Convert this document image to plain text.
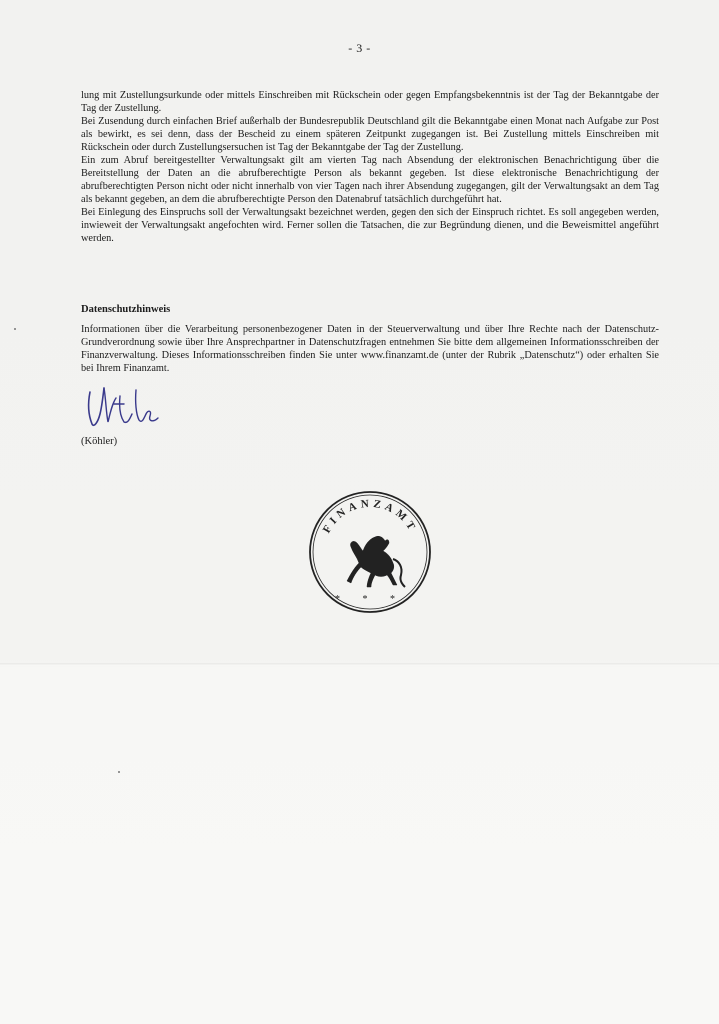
- 3 -

lung mit Zustellungsurkunde oder mittels Einschreiben mit Rückschein oder gegen Empfangsbekenntnis ist der Tag der Bekanntgabe der Tag der Zustellung.

Bei Zusendung durch einfachen Brief außerhalb der Bundesrepublik Deutschland gilt die Bekanntgabe einen Monat nach Aufgabe zur Post als bewirkt, es sei denn, dass der Bescheid zu einem späteren Zeitpunkt zugegangen ist. Bei Zustellung mittels Einschreiben mit Rückschein oder durch Zustellungsersuchen ist Tag der Bekanntgabe der Tag der Zustellung.

Ein zum Abruf bereitgestellter Verwaltungsakt gilt am vierten Tag nach Absendung der elektronischen Benachrichtigung über die Bereitstellung der Daten an die abrufberechtigte Person als bekannt gegeben. Ist diese elektronische Benachrichtigung der abrufberechtigten Person nicht oder nicht innerhalb von vier Tagen nach ihrer Absendung zugegangen, gilt der Verwaltungsakt an dem Tag als bekannt gegeben, an dem die abrufberechtigte Person den Datenabruf tatsächlich durchgeführt hat.

Bei Einlegung des Einspruchs soll der Verwaltungsakt bezeichnet werden, gegen den sich der Einspruch richtet. Es soll angegeben werden, inwieweit der Verwaltungsakt angefochten wird. Ferner sollen die Tatsachen, die zur Begründung dienen, und die Beweismittel angeführt werden.

Datenschutzhinweis
Informationen über die Verarbeitung personenbezogener Daten in der Steuerverwaltung und über Ihre Rechte nach der Datenschutz-Grundverordnung sowie über Ihre Ansprechpartner in Datenschutzfragen entnehmen Sie bitte dem allgemeinen Informationsschreiben der Finanzverwaltung. Dieses Informationsschreiben finden Sie unter www.finanzamt.de (unter der Rubrik „Datenschutz“) oder erhalten Sie bei Ihrem Finanzamt.
(Köhler)
FINANZAMT
* * *
